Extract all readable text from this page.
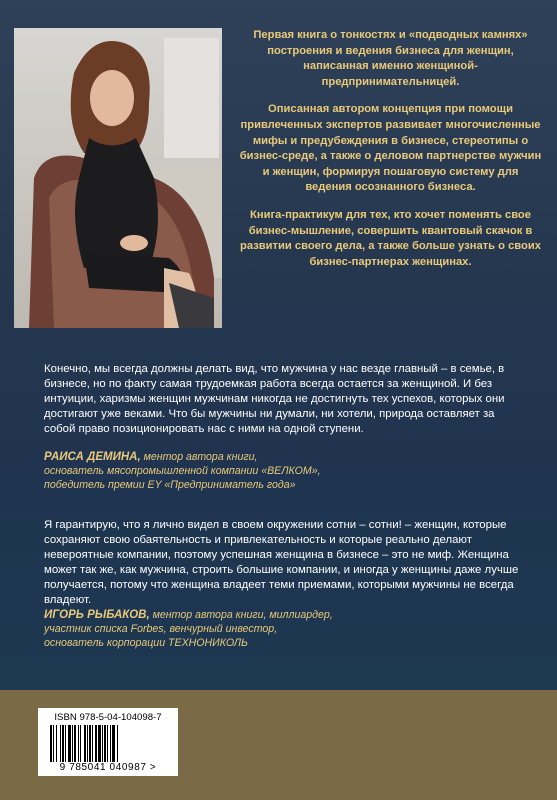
Первая книга о тонкостях и «подводных камнях» построения и ведения бизнеса для женщин, написанная именно женщиной-предпринимательницей.

Описанная автором концепция при помощи привлеченных экспертов развивает многочисленные мифы и предубеждения в бизнесе, стереотипы о бизнес-среде, а также о деловом партнерстве мужчин и женщин, формируя пошаговую систему для ведения осознанного бизнеса.

Книга-практикум для тех, кто хочет поменять свое бизнес-мышление, совершить квантовый скачок в развитии своего дела, а также больше узнать о своих бизнес-партнерах женщинах.

Конечно, мы всегда должны делать вид, что мужчина у нас везде главный – в семье, в бизнесе, но по факту самая трудоемкая работа всегда остается за женщиной. И без интуиции, харизмы женщин мужчинам никогда не достигнуть тех успехов, которых они достигают уже веками. Что бы мужчины ни думали, ни хотели, природа оставляет за собой право позиционировать нас с ними на одной ступени.
РАИСА ДЕМИНА, ментор автора книги,
основатель мясопромышленной компании «ВЕЛКОМ»,
победитель премии EY «Предприниматель года»
Я гарантирую, что я лично видел в своем окружении сотни – сотни! – женщин, которые сохраняют свою обаятельность и привлекательность и которые реально делают невероятные компании, поэтому успешная женщина в бизнесе – это не миф. Женщина может так же, как мужчина, строить большие компании, и иногда у женщины даже лучше получается, потому что женщина владеет теми приемами, которыми мужчины не всегда владеют.
ИГОРЬ РЫБАКОВ, ментор автора книги, миллиардер,
участник списка Forbes, венчурный инвестор,
основатель корпорации ТЕХНОНИКОЛЬ
ISBN 978-5-04-104098-7
9 785041 040987 >
